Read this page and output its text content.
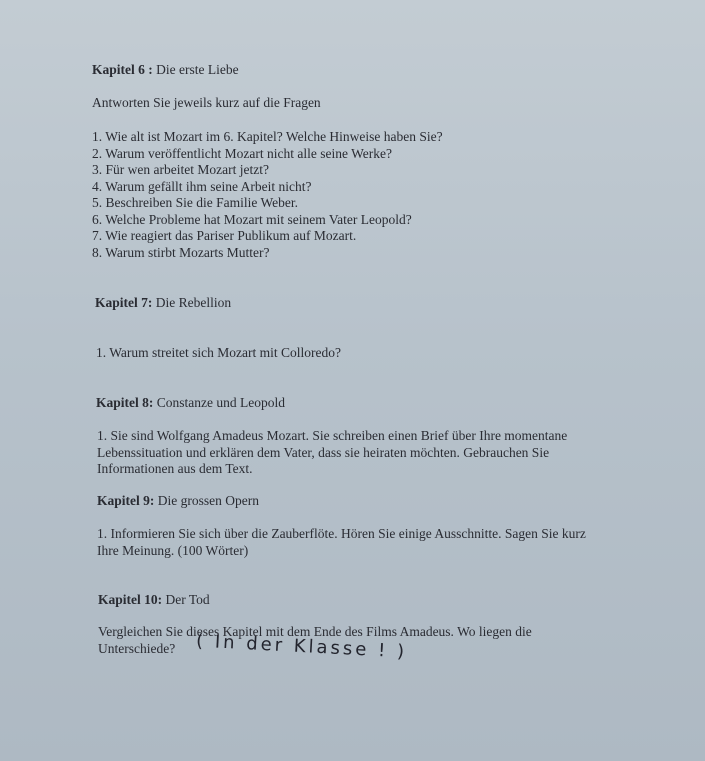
Kapitel 6 : Die erste Liebe
Antworten Sie jeweils kurz auf die Fragen
1. Wie alt ist Mozart im 6. Kapitel? Welche Hinweise haben Sie?
2. Warum veröffentlicht Mozart nicht alle seine Werke?
3. Für wen arbeitet Mozart jetzt?
4. Warum gefällt ihm seine Arbeit nicht?
5. Beschreiben Sie die Familie Weber.
6. Welche Probleme hat Mozart mit seinem Vater Leopold?
7. Wie reagiert das Pariser Publikum auf Mozart.
8. Warum stirbt Mozarts Mutter?
Kapitel 7: Die Rebellion
1. Warum streitet sich Mozart mit Colloredo?
Kapitel 8: Constanze und Leopold
1. Sie sind Wolfgang Amadeus Mozart. Sie schreiben einen Brief über Ihre momentane
Lebenssituation und erklären dem Vater, dass sie heiraten möchten. Gebrauchen Sie
Informationen aus dem Text.
Kapitel 9: Die grossen Opern
1. Informieren Sie sich über die Zauberflöte. Hören Sie einige Ausschnitte. Sagen Sie kurz
Ihre Meinung. (100 Wörter)
Kapitel 10: Der Tod
Vergleichen Sie dieses Kapitel mit dem Ende des Films Amadeus. Wo liegen die
Unterschiede?	( In der Klasse ! )
